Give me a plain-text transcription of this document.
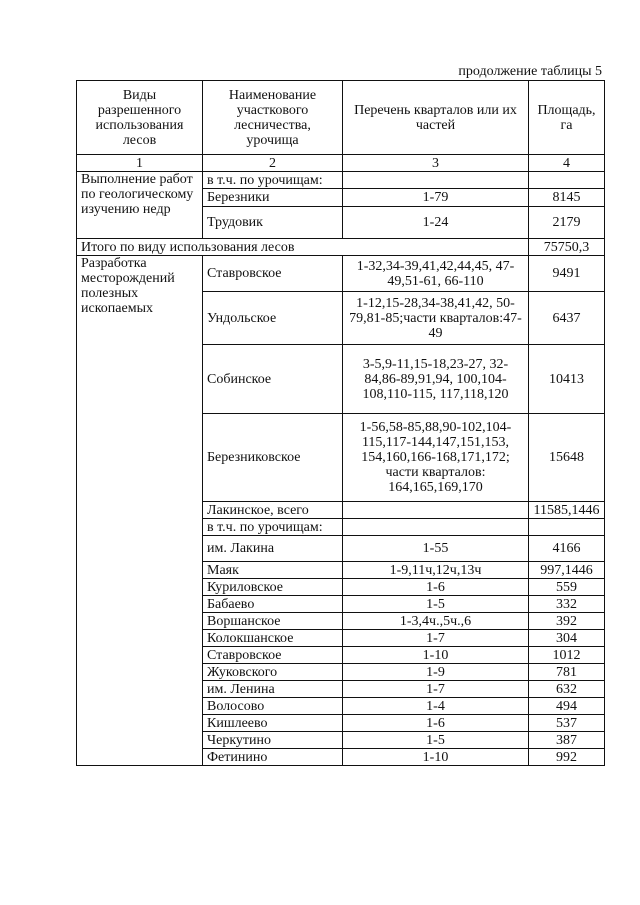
продолжение таблицы 5
Виды разрешенного использования лесов	Наименование участкового лесничества, урочища	Перечень кварталов или их частей	Площадь, га
1	2	3	4
Выполнение работ по геологическому изучению недр	в т.ч. по урочищам:		
	Березники	1-79	8145
	Трудовик	1-24	2179
Итого по виду использования лесов			75750,3
Разработка месторождений полезных ископаемых	Ставровское	1-32,34-39,41,42,44,45, 47-49,51-61, 66-110	9491
	Ундольское	1-12,15-28,34-38,41,42, 50-79,81-85;части кварталов:47-49	6437
	Собинское	3-5,9-11,15-18,23-27, 32-84,86-89,91,94, 100,104-108,110-115, 117,118,120	10413
	Березниковское	1-56,58-85,88,90-102,104-115,117-144,147,151,153, 154,160,166-168,171,172; части кварталов: 164,165,169,170	15648
	Лакинское, всего		11585,1446
	в т.ч. по урочищам:		
	им. Лакина	1-55	4166
	Маяк	1-9,11ч,12ч,13ч	997,1446
	Куриловское	1-6	559
	Бабаево	1-5	332
	Воршанское	1-3,4ч.,5ч.,6	392
	Колокшанское	1-7	304
	Ставровское	1-10	1012
	Жуковского	1-9	781
	им. Ленина	1-7	632
	Волосово	1-4	494
	Кишлеево	1-6	537
	Черкутино	1-5	387
	Фетинино	1-10	992
